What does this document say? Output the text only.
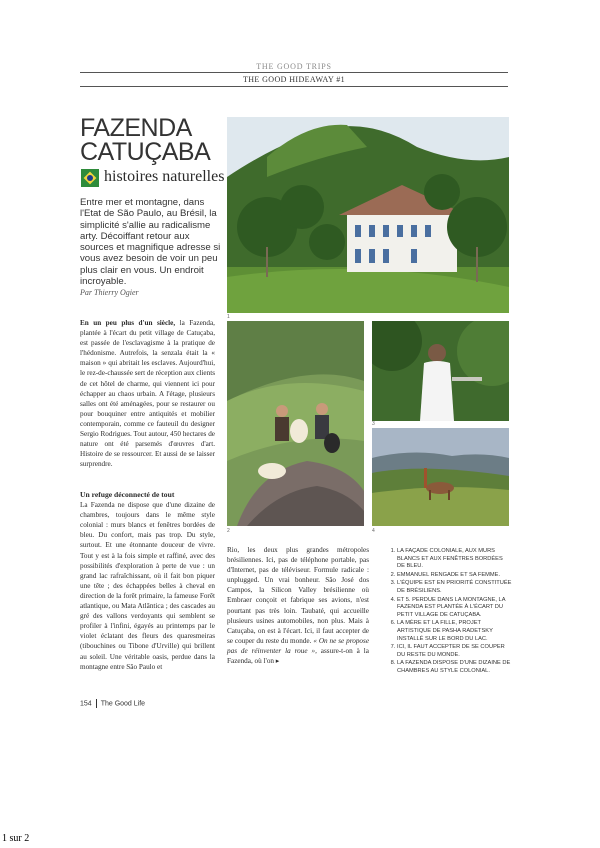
THE GOOD TRIPS
THE GOOD HIDEAWAY #1
FAZENDA
CATUÇABA
histoires naturelles
Entre mer et montagne, dans l'Etat de São Paulo, au Brésil, la simplicité s'allie au radicalisme arty. Décoiffant retour aux sources et magnifique adresse si vous avez besoin de voir un peu plus clair en vous. Un endroit incroyable.
Par Thierry Ogier

En un peu plus d'un siècle, la Fazenda, plantée à l'écart du petit village de Catuçaba, est passée de l'esclavagisme à la pratique de l'hédonisme. Autrefois, la senzala était la « maison » qui abritait les esclaves. Aujourd'hui, le rez-de-chaussée sert de réception aux clients de cet hôtel de charme, qui viennent ici pour échapper au chaos urbain. A l'étage, plusieurs salles ont été aménagées, pour se restaurer ou pour bouquiner entre antiquités et mobilier contemporain, comme ce fauteuil du designer Sergio Rodrigues. Tout autour, 450 hectares de nature ont été parsemés d'œuvres d'art. Histoire de se ressourcer. Et aussi de se laisser surprendre.

Un refuge déconnecté de tout

La Fazenda ne dispose que d'une dizaine de chambres, toujours dans le même style colonial : murs blancs et fenêtres bordées de bleu. Du confort, mais pas trop. Du style, surtout. Et une étonnante douceur de vivre. Tout y est à la fois simple et raffiné, avec des possibilités d'exploration à perte de vue : un grand lac rafraîchissant, où il fait bon piquer une tête ; des échappées belles à cheval en direction de la forêt primaire, la fameuse Forêt atlantique, ou Mata Atlântica ; des cascades au gré des vallons verdoyants qui semblent se profiler à l'infini, égayés au printemps par le violet éclatant des fleurs des quaresmeiras (tibouchines ou Tibone d'Urville) qui brillent au soleil. Une véritable oasis, perdue dans la montagne entre São Paulo et

Rio, les deux plus grandes métropoles brésiliennes. Ici, pas de téléphone portable, pas d'Internet, pas de téléviseur. Formule radicale : unplugged. Un vrai bonheur. São José dos Campos, la Silicon Valley brésilienne où Embraer conçoit et fabrique ses avions, n'est pourtant pas très loin. Taubaté, qui accueille plusieurs usines automobiles, non plus. Mais à Catuçaba, on est à l'écart. Ici, il faut accepter de se couper du reste du monde. « On ne se propose pas de réinventer la roue », assure-t-on à la Fazenda, où l'on ▸

1. LA FAÇADE COLONIALE, AUX MURS BLANCS ET AUX FENÊTRES BORDÉES DE BLEU.
2. EMMANUEL RENGADE ET SA FEMME.
3. L'ÉQUIPE EST EN PRIORITÉ CONSTITUÉE DE BRÉSILIENS.
4. ET 5. PERDUE DANS LA MONTAGNE, LA FAZENDA EST PLANTÉE À L'ÉCART DU PETIT VILLAGE DE CATUÇABA.
6. LA MÈRE ET LA FILLE, PROJET ARTISTIQUE DE PASHA RADETSKY INSTALLÉ SUR LE BORD DU LAC.
7. ICI, IL FAUT ACCEPTER DE SE COUPER DU RESTE DU MONDE.
8. LA FAZENDA DISPOSE D'UNE DIZAINE DE CHAMBRES AU STYLE COLONIAL.
1
2
3
4
154 The Good Life
1 sur 2
